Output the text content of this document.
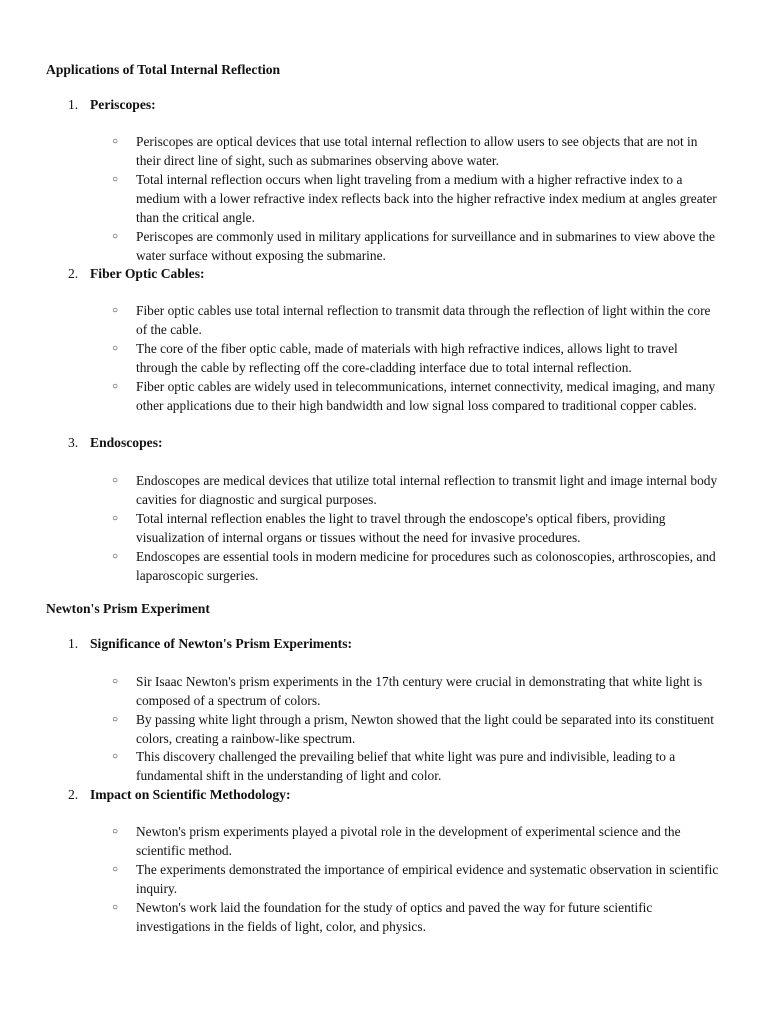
Applications of Total Internal Reflection
1. Periscopes:
○	Periscopes are optical devices that use total internal reflection to allow users to see objects that are not in their direct line of sight, such as submarines observing above water.
○	Total internal reflection occurs when light traveling from a medium with a higher refractive index to a medium with a lower refractive index reflects back into the higher refractive index medium at angles greater than the critical angle.
○	Periscopes are commonly used in military applications for surveillance and in submarines to view above the water surface without exposing the submarine.
2. Fiber Optic Cables:
○	Fiber optic cables use total internal reflection to transmit data through the reflection of light within the core of the cable.
○	The core of the fiber optic cable, made of materials with high refractive indices, allows light to travel through the cable by reflecting off the core-cladding interface due to total internal reflection.
○	Fiber optic cables are widely used in telecommunications, internet connectivity, medical imaging, and many other applications due to their high bandwidth and low signal loss compared to traditional copper cables.
3. Endoscopes:
○	Endoscopes are medical devices that utilize total internal reflection to transmit light and image internal body cavities for diagnostic and surgical purposes.
○	Total internal reflection enables the light to travel through the endoscope's optical fibers, providing visualization of internal organs or tissues without the need for invasive procedures.
○	Endoscopes are essential tools in modern medicine for procedures such as colonoscopies, arthroscopies, and laparoscopic surgeries.
Newton's Prism Experiment
1. Significance of Newton's Prism Experiments:
○	Sir Isaac Newton's prism experiments in the 17th century were crucial in demonstrating that white light is composed of a spectrum of colors.
○	By passing white light through a prism, Newton showed that the light could be separated into its constituent colors, creating a rainbow-like spectrum.
○	This discovery challenged the prevailing belief that white light was pure and indivisible, leading to a fundamental shift in the understanding of light and color.
2. Impact on Scientific Methodology:
○	Newton's prism experiments played a pivotal role in the development of experimental science and the scientific method.
○	The experiments demonstrated the importance of empirical evidence and systematic observation in scientific inquiry.
○	Newton's work laid the foundation for the study of optics and paved the way for future scientific investigations in the fields of light, color, and physics.
